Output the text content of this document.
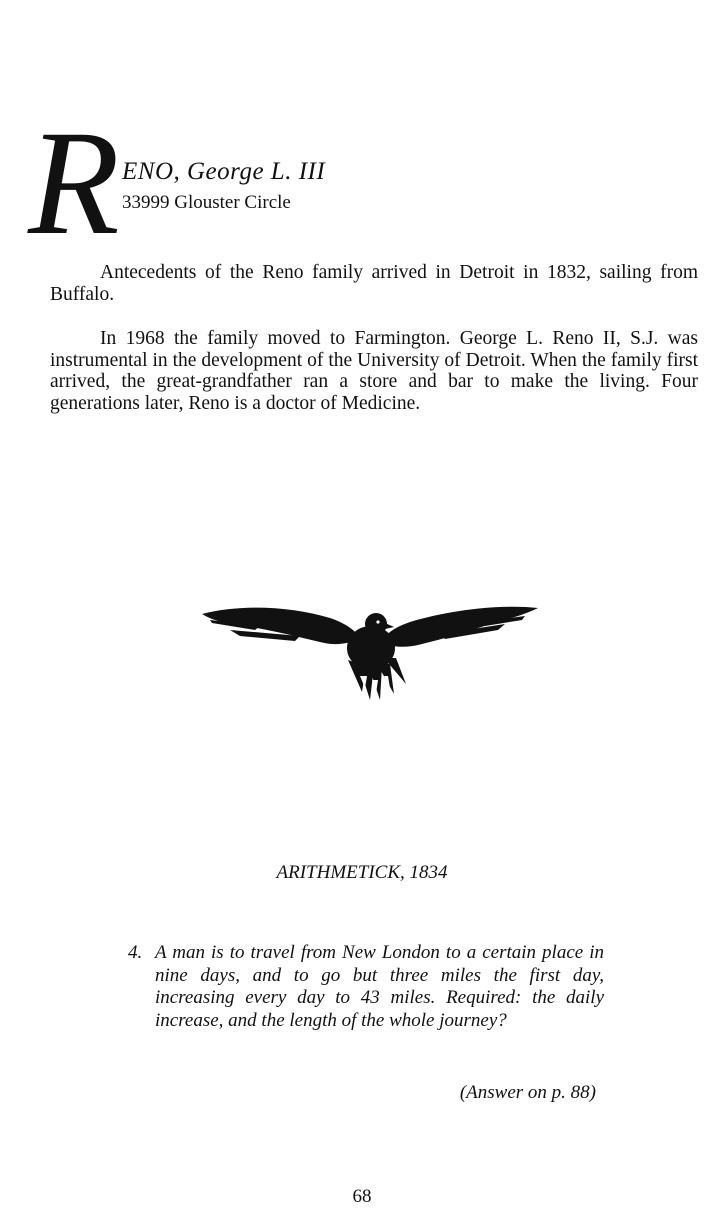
R ENO, George L. III
33999 Glouster Circle

Antecedents of the Reno family arrived in Detroit in 1832, sailing from Buffalo.

In 1968 the family moved to Farmington. George L. Reno II, S.J. was instrumental in the development of the University of Detroit. When the family first arrived, the great-grandfather ran a store and bar to make the living. Four generations later, Reno is a doctor of Medicine.

ARITHMETICK, 1834
4. A man is to travel from New London to a certain place in nine days, and to go but three miles the first day, increasing every day to 43 miles. Required: the daily increase, and the length of the whole journey?
(Answer on p. 88)
68
